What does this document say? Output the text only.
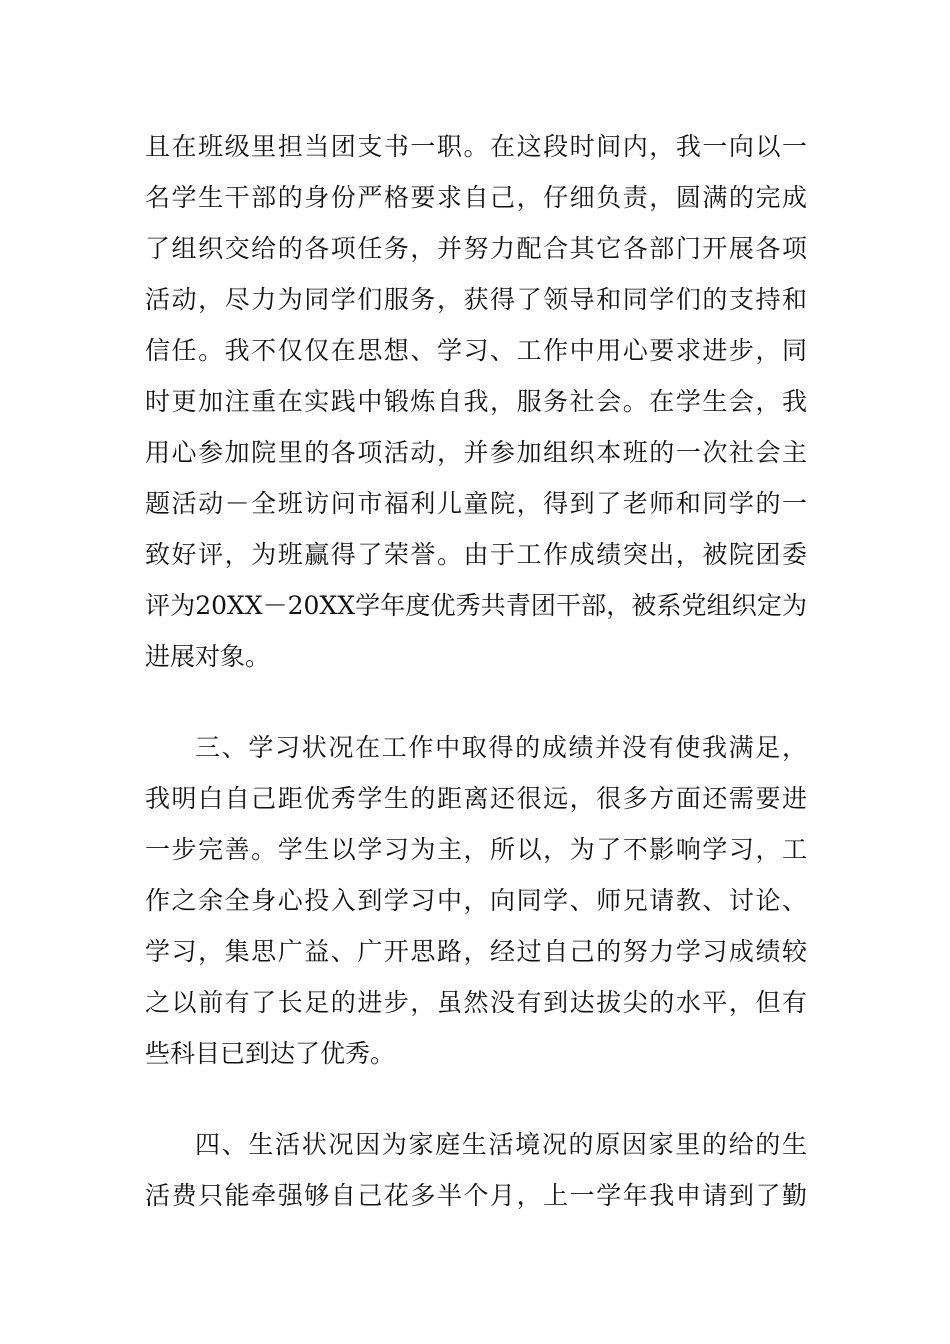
且在班级里担当团支书一职。在这段时间内，我一向以一
名学生干部的身份严格要求自己，仔细负责，圆满的完成
了组织交给的各项任务，并努力配合其它各部门开展各项
活动，尽力为同学们服务，获得了领导和同学们的支持和
信任。我不仅仅在思想、学习、工作中用心要求进步，同
时更加注重在实践中锻炼自我，服务社会。在学生会，我
用心参加院里的各项活动，并参加组织本班的一次社会主
题活动－全班访问市福利儿童院，得到了老师和同学的一
致好评，为班赢得了荣誉。由于工作成绩突出，被院团委
评为20XX－20XX学年度优秀共青团干部，被系党组织定为
进展对象。
三、学习状况在工作中取得的成绩并没有使我满足，
我明白自己距优秀学生的距离还很远，很多方面还需要进
一步完善。学生以学习为主，所以，为了不影响学习，工
作之余全身心投入到学习中，向同学、师兄请教、讨论、
学习，集思广益、广开思路，经过自己的努力学习成绩较
之以前有了长足的进步，虽然没有到达拔尖的水平，但有
些科目已到达了优秀。
四、生活状况因为家庭生活境况的原因家里的给的生
活费只能牵强够自己花多半个月，上一学年我申请到了勤
